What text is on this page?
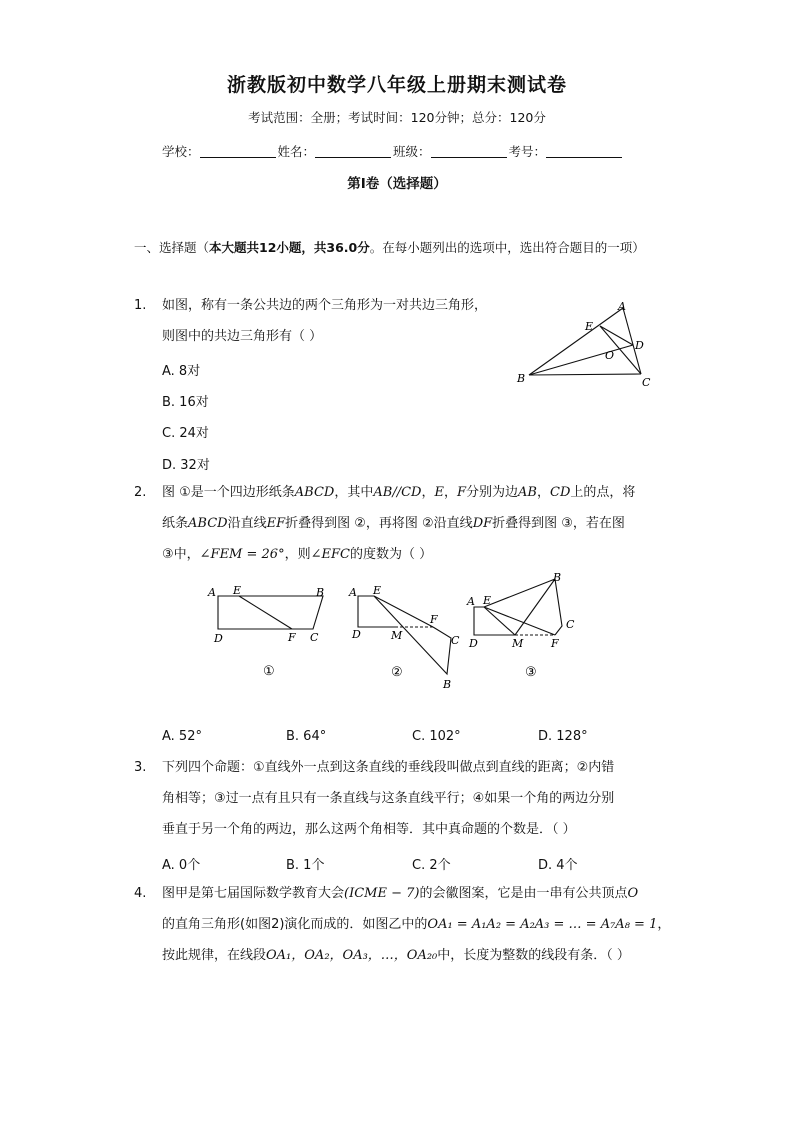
浙教版初中数学八年级上册期末测试卷
考试范围：全册；考试时间：120分钟；总分：120分
学校：	姓名：	班级：	考号：
第Ⅰ卷（选择题）
一、选择题（本大题共12小题，共36.0分。在每小题列出的选项中，选出符合题目的一项）
1. 如图，称有一条公共边的两个三角形为一对共边三角形，
则图中的共边三角形有（ ）
A. 8对
B. 16对
C. 24对
D. 32对
A
E
D
O
B	C
2. 图 ①是一个四边形纸条ABCD，其中AB//CD，E，F分别为边AB，CD上的点，将
纸条ABCD沿直线EF折叠得到图 ②，再将图 ②沿直线DF折叠得到图 ③，若在图
③中，∠FEM = 26°，则∠EFC的度数为（ ）
A E	B
D	F C
①
A E
F
C
D	M
B
②
B
A E
C
D	M	F
③
A. 52°	B. 64°	C. 102°	D. 128°
3. 下列四个命题：①直线外一点到这条直线的垂线段叫做点到直线的距离；②内错
角相等；③过一点有且只有一条直线与这条直线平行；④如果一个角的两边分别
垂直于另一个角的两边，那么这两个角相等．其中真命题的个数是．（ ）
A. 0个	B. 1个	C. 2个	D. 4个
4. 图甲是第七届国际数学教育大会(ICME − 7)的会徽图案，它是由一串有公共顶点O
的直角三角形(如图2)演化而成的．如图乙中的OA₁ = A₁A₂ = A₂A₃ = … = A₇A₈ = 1，
按此规律，在线段OA₁，OA₂，OA₃，…，OA₂₀中，长度为整数的线段有条．（ ）
